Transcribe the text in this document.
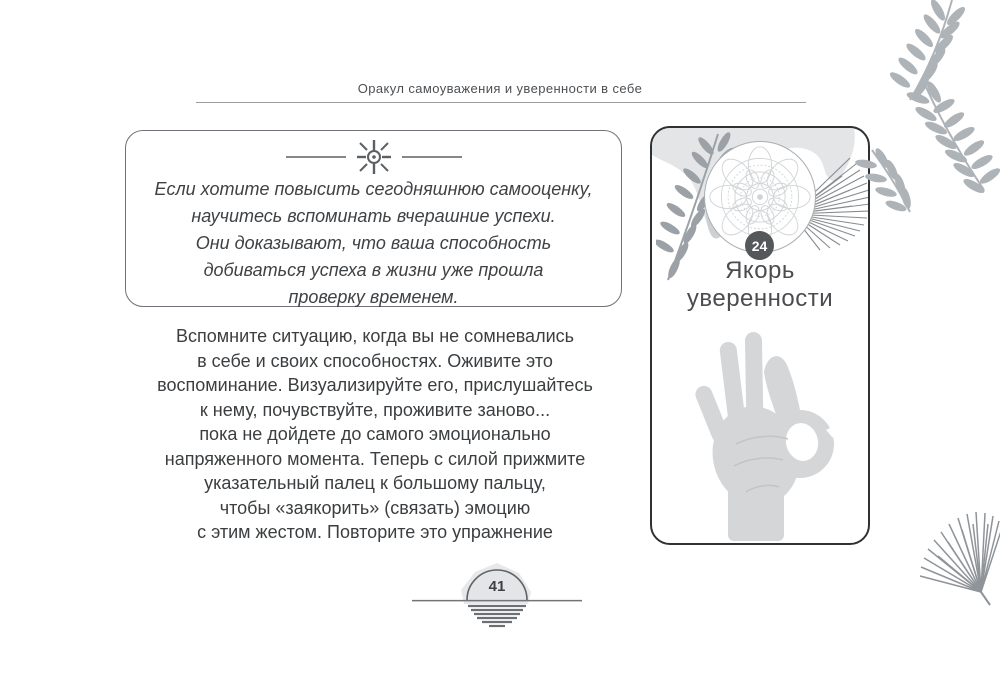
Оракул самоуважения и уверенности в себе
Если хотите повысить сегодняшнюю самооценку,
научитесь вспоминать вчерашние успехи.
Они доказывают, что ваша способность
добиваться успеха в жизни уже прошла
проверку временем.
Вспомните ситуацию, когда вы не сомневались
в себе и своих способностях. Оживите это
воспоминание. Визуализируйте его, прислушайтесь
к нему, почувствуйте, проживите заново...
пока не дойдете до самого эмоционально
напряженного момента. Теперь с силой прижмите
указательный палец к большому пальцу,
чтобы «заякорить» (связать) эмоцию
с этим жестом. Повторите это упражнение
24
Якорь
уверенности
41
